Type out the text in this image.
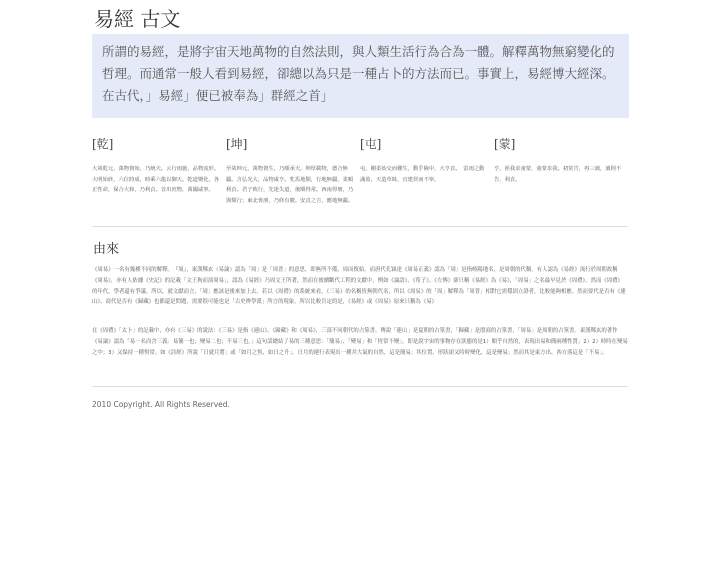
易經 古文
所謂的易經，是將宇宙天地萬物的自然法則，與人類生活行為合為一體。解釋萬物無窮變化的哲理。而通常一般人看到易經，卻總以為只是一種占卜的方法而已。事實上，易經博大經深。在古代，」易經」便已被奉為」群經之首」
[乾]

大哉乾元，萬物資始，乃統天。云行雨施，品物流形。大明始終，六位時成，時乘六龍以御天。乾道變化，各正性命，保合大和，乃利貞。首出庶物，萬國咸寧。

[坤]

至哉坤元，萬物資生，乃順承天。坤厚載物，德合無疆。含弘光大，品物咸亨。牝馬地類，行地無疆，柔順利貞。君子攸行，先迷失道，後順得常。西南得朋，乃與類行；東北喪朋，乃終有慶。安貞之吉，應地無疆。

[屯]

屯，剛柔始交而難生，動乎險中，大亨貞。　雷雨之動滿盈，天造草昧，宜建侯而不寧。

[蒙]

亨，匪我求童蒙，童蒙求我。初筮告，再三瀆，瀆則不告，利貞。

由來

《周易》一名有幾種不同的解釋。　『周』，東漢鄭玄（易論）認為「周」是「周普」的意思，即無所不備，周而復始。而唐代孔穎達《周易正義》認為「周」是指岐陽地名，是周朝的代稱。有人認為《易經》流行於周朝故稱《周易》，亦有人依據《史記》的記載「文王拘而演周易」，認為《易經》乃周文王所著，然而在後續斷代工程的文獻中，例如《論語》、《荀子》、《左傳》卻只稱《易經》為《易》，「周易」之名最早見於《周禮》。然而《周禮》的年代，學者還有爭議。所以，就文獻而言，「周」應該是後來加上去。若以《周禮》的系統來看，《三易》的名稱皆無朝代名，所以《周易》的「周」解釋為「周普」相對它需穩固立證者，比較能夠相應。然而要代是否有《連山》、商代是否有《歸藏》也都還是問題，需要很可能也是「古史辨學派」所言的現象。所以比較肯定的是，《易經》或《周易》原來只稱為《易》

在《周禮》「太卜」的記載中，亦有《三易》的說法：《三易》是指《連山》、《歸藏》和《周易》，三部不同朝代的占筮書。傳說「連山」是夏朝的占筮書，「歸藏」是殷商的占筮書，「周易」是周朝的占筮書。東漢鄭玄的著作《易論》認為「易一名而含三義：易簡一也；變易二也；不易三也。」這句話總結了易的三種意思：「簡易」、「變易」和「恆常不變」。即是說宇宙的事物存在狀態的是1）順乎自然的，表現出易和簡兩種性質；2）2）時時在變易之中；3）又保持一種恆常。如《詩經》所說「日就月將」或「如月之恆，如日之升」。日月的運行表現出一種井大氣的自然，這是簡易；其位置、形狀卻又時時變化，這是變易；然而其是東方出、西方落這是「不易」。

2010 Copyright. All Rights Reserved.
